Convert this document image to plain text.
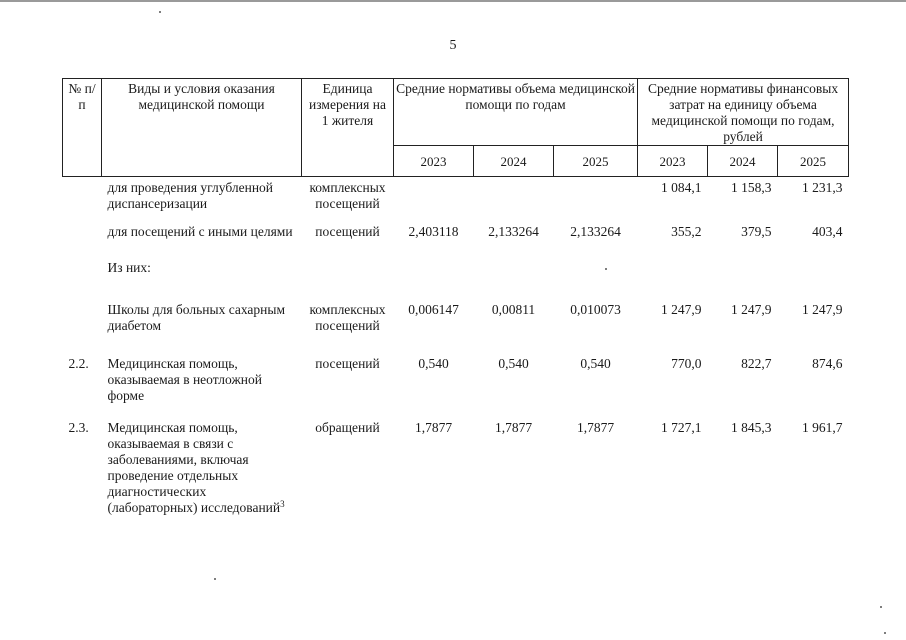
5
№ п/п	Виды и условия оказания медицинской помощи	Единица измерения на 1 жителя	Средние нормативы объема медицинской помощи по годам			Средние нормативы финансовых затрат на единицу объема медицинской помощи по годам, рублей		
			2023	2024	2025	2023	2024	2025
	для проведения углубленной диспансеризации	комплексных посещений				1 084,1	1 158,3	1 231,3
	для посещений с иными целями	посещений	2,403118	2,133264	2,133264	355,2	379,5	403,4
	Из них:							
	Школы для больных сахарным диабетом	комплексных посещений	0,006147	0,00811	0,010073	1 247,9	1 247,9	1 247,9
2.2.	Медицинская помощь, оказываемая в неотложной форме	посещений	0,540	0,540	0,540	770,0	822,7	874,6
2.3.	Медицинская помощь, оказываемая в связи с заболеваниями, включая проведение отдельных диагностических (лабораторных) исследований$^3$	обращений	1,7877	1,7877	1,7877	1 727,1	1 845,3	1 961,7
